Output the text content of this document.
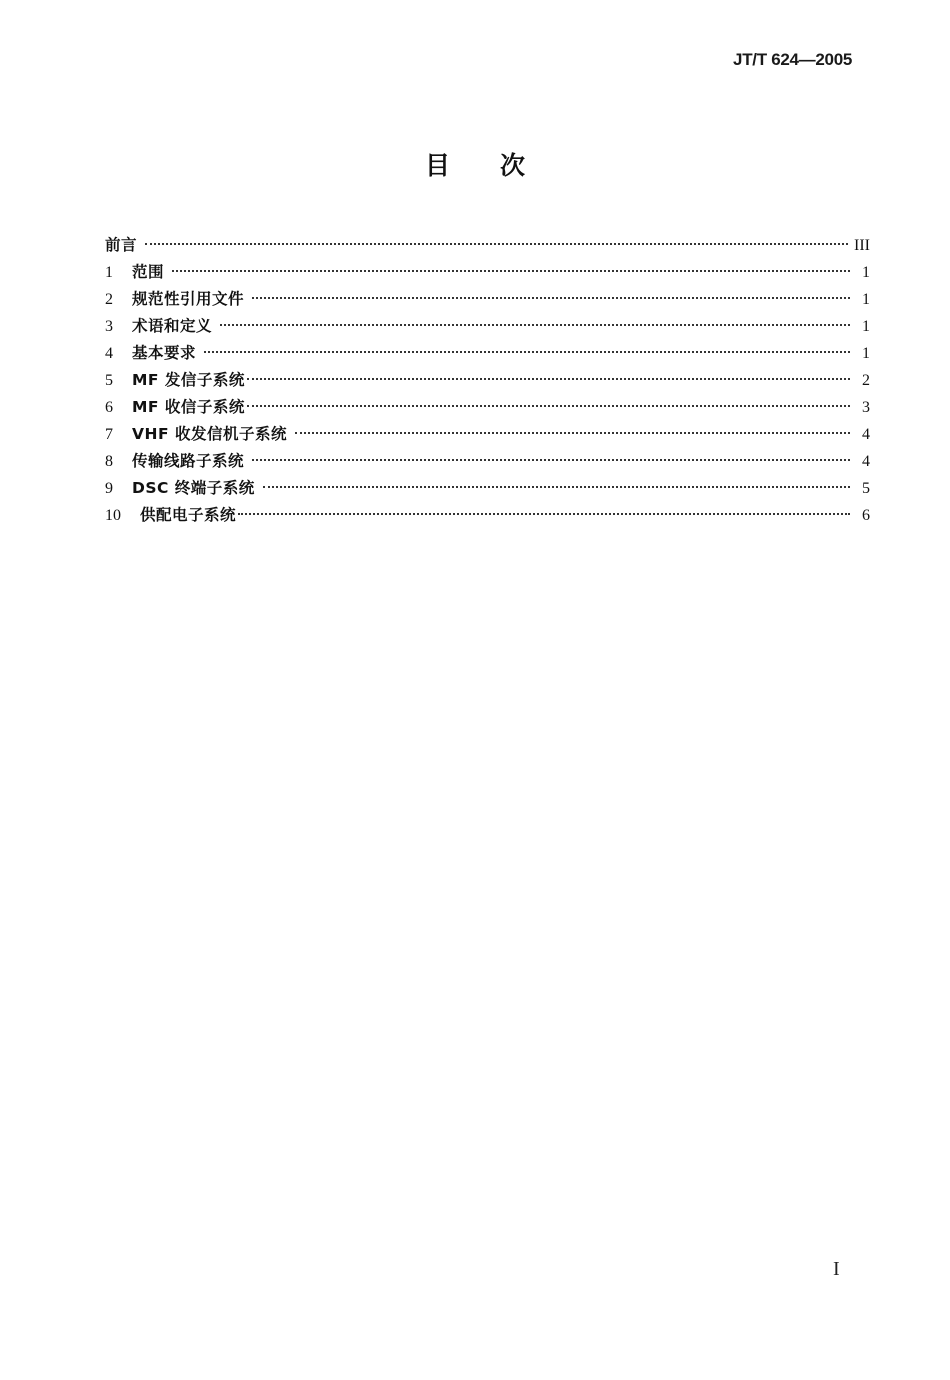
JT/T 624—2005
目 次
前言	III
1	范围	1
2	规范性引用文件	1
3	术语和定义	1
4	基本要求	1
5	MF 发信子系统	2
6	MF 收信子系统	3
7	VHF 收发信机子系统	4
8	传输线路子系统	4
9	DSC 终端子系统	5
10	供配电子系统	6
I
